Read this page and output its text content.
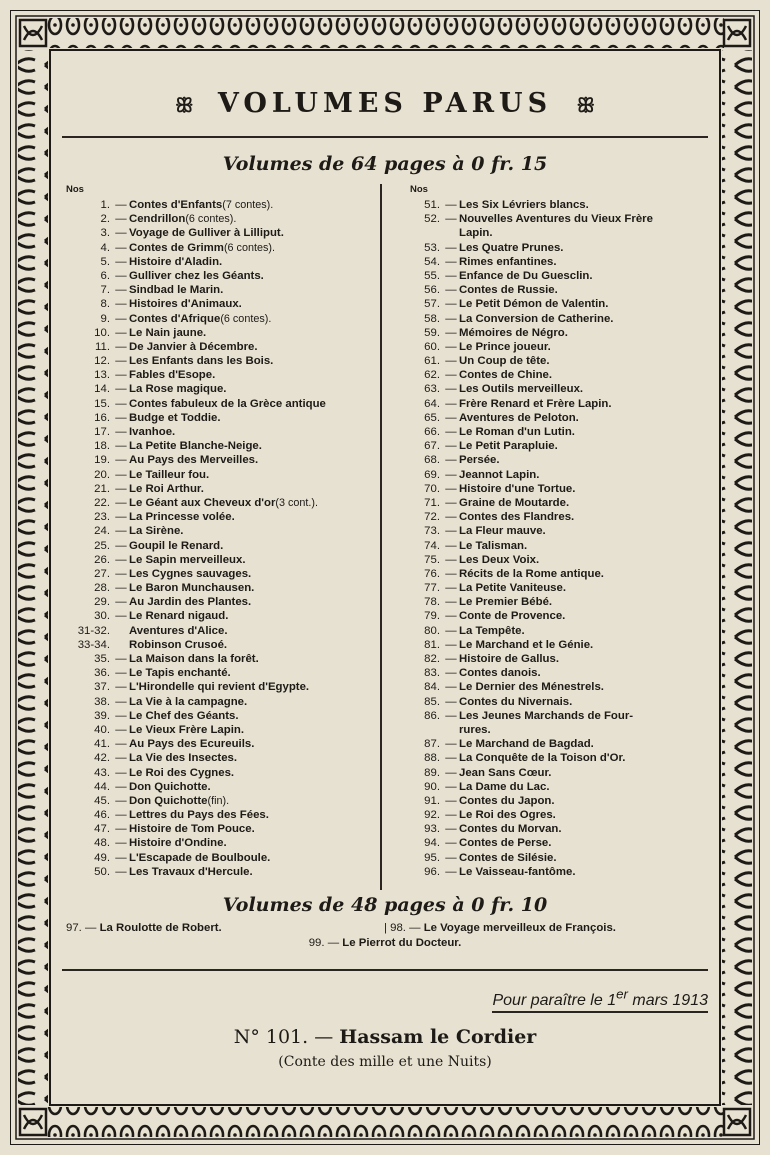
ꕥ VOLUMES PARUS ꕥ
Volumes de 64 pages à 0 fr. 15
Nos
1. — Contes d'Enfants (7 contes).
2. — Cendrillon (6 contes).
3. — Voyage de Gulliver à Lilliput.
4. — Contes de Grimm (6 contes).
5. — Histoire d'Aladin.
6. — Gulliver chez les Géants.
7. — Sindbad le Marin.
8. — Histoires d'Animaux.
9. — Contes d'Afrique (6 contes).
10. — Le Nain jaune.
11. — De Janvier à Décembre.
12. — Les Enfants dans les Bois.
13. — Fables d'Esope.
14. — La Rose magique.
15. — Contes fabuleux de la Grèce antique
16. — Budge et Toddie.
17. — Ivanhoe.
18. — La Petite Blanche-Neige.
19. — Au Pays des Merveilles.
20. — Le Tailleur fou.
21. — Le Roi Arthur.
22. — Le Géant aux Cheveux d'or (3 cont.).
23. — La Princesse volée.
24. — La Sirène.
25. — Goupil le Renard.
26. — Le Sapin merveilleux.
27. — Les Cygnes sauvages.
28. — Le Baron Munchausen.
29. — Au Jardin des Plantes.
30. — Le Renard nigaud.
31-32. Aventures d'Alice.
33-34. Robinson Crusoé.
35. — La Maison dans la forêt.
36. — Le Tapis enchanté.
37. — L'Hirondelle qui revient d'Egypte.
38. — La Vie à la campagne.
39. — Le Chef des Géants.
40. — Le Vieux Frère Lapin.
41. — Au Pays des Ecureuils.
42. — La Vie des Insectes.
43. — Le Roi des Cygnes.
44. — Don Quichotte.
45. — Don Quichotte (fin).
46. — Lettres du Pays des Fées.
47. — Histoire de Tom Pouce.
48. — Histoire d'Ondine.
49. — L'Escapade de Boulboule.
50. — Les Travaux d'Hercule.
Nos
51. — Les Six Lévriers blancs.
52. — Nouvelles Aventures du Vieux Frère
Lapin.
53. — Les Quatre Prunes.
54. — Rimes enfantines.
55. — Enfance de Du Guesclin.
56. — Contes de Russie.
57. — Le Petit Démon de Valentin.
58. — La Conversion de Catherine.
59. — Mémoires de Négro.
60. — Le Prince joueur.
61. — Un Coup de tête.
62. — Contes de Chine.
63. — Les Outils merveilleux.
64. — Frère Renard et Frère Lapin.
65. — Aventures de Peloton.
66. — Le Roman d'un Lutin.
67. — Le Petit Parapluie.
68. — Persée.
69. — Jeannot Lapin.
70. — Histoire d'une Tortue.
71. — Graine de Moutarde.
72. — Contes des Flandres.
73. — La Fleur mauve.
74. — Le Talisman.
75. — Les Deux Voix.
76. — Récits de la Rome antique.
77. — La Petite Vaniteuse.
78. — Le Premier Bébé.
79. — Conte de Provence.
80. — La Tempête.
81. — Le Marchand et le Génie.
82. — Histoire de Gallus.
83. — Contes danois.
84. — Le Dernier des Ménestrels.
85. — Contes du Nivernais.
86. — Les Jeunes Marchands de Four-
rures.
87. — Le Marchand de Bagdad.
88. — La Conquête de la Toison d'Or.
89. — Jean Sans Cœur.
90. — La Dame du Lac.
91. — Contes du Japon.
92. — Le Roi des Ogres.
93. — Contes du Morvan.
94. — Contes de Perse.
95. — Contes de Silésie.
96. — Le Vaisseau-fantôme.
Volumes de 48 pages à 0 fr. 10
97. — La Roulotte de Robert.	| 98. — Le Voyage merveilleux de François.
99. — Le Pierrot du Docteur.
Pour paraître le 1er mars 1913
N° 101. — Hassam le Cordier
(Conte des mille et une Nuits)
